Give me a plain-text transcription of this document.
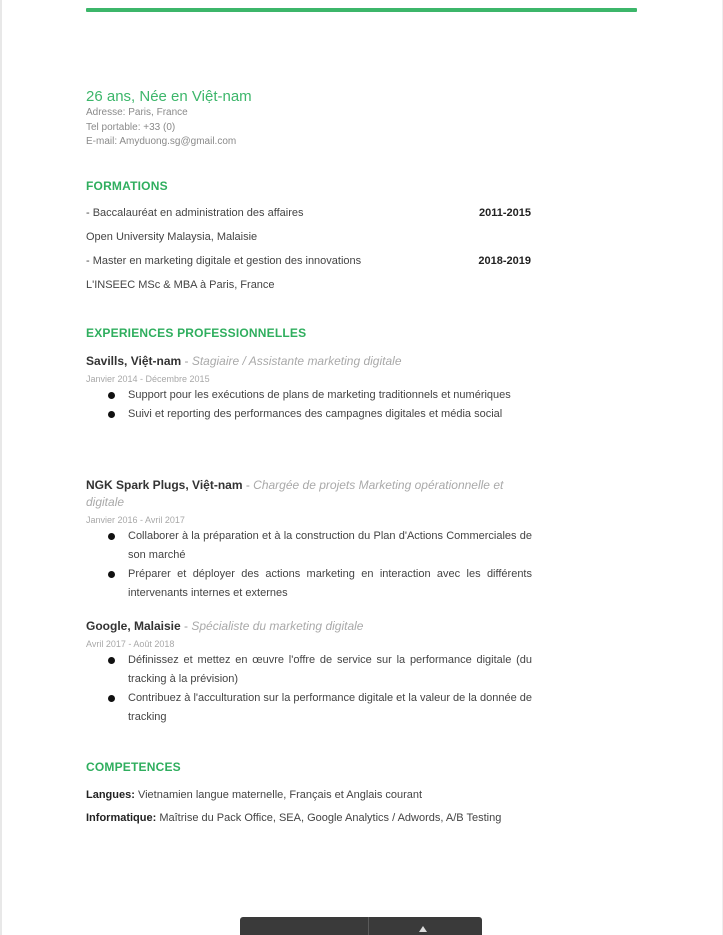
26 ans, Née en Việt-nam
Adresse: Paris, France
Tel portable: +33 (0)
E-mail: Amyduong.sg@gmail.com
FORMATIONS
- Baccalauréat en administration des affaires	2011-2015
Open University Malaysia, Malaisie
- Master en marketing digitale et gestion des innovations	2018-2019
L'INSEEC MSc & MBA à Paris, France
EXPERIENCES PROFESSIONNELLES
Savills, Việt-nam - Stagiaire / Assistante marketing digitale
Janvier 2014 - Décembre 2015
Support pour les exécutions de plans de marketing traditionnels et numériques
Suivi et reporting des performances des campagnes digitales et média social
NGK Spark Plugs, Việt-nam - Chargée de projets Marketing opérationnelle et digitale
Janvier 2016 - Avril 2017
Collaborer à la préparation et à la construction du Plan d'Actions Commerciales de son marché
Préparer et déployer des actions marketing en interaction avec les différents intervenants internes et externes
Google, Malaisie - Spécialiste du marketing digitale
Avril 2017 - Août 2018
Définissez et mettez en œuvre l'offre de service sur la performance digitale (du tracking à la prévision)
Contribuez à l'acculturation sur la performance digitale et la valeur de la donnée de tracking
COMPETENCES
Langues: Vietnamien langue maternelle, Français et Anglais courant
Informatique: Maîtrise du Pack Office, SEA, Google Analytics / Adwords, A/B Testing
